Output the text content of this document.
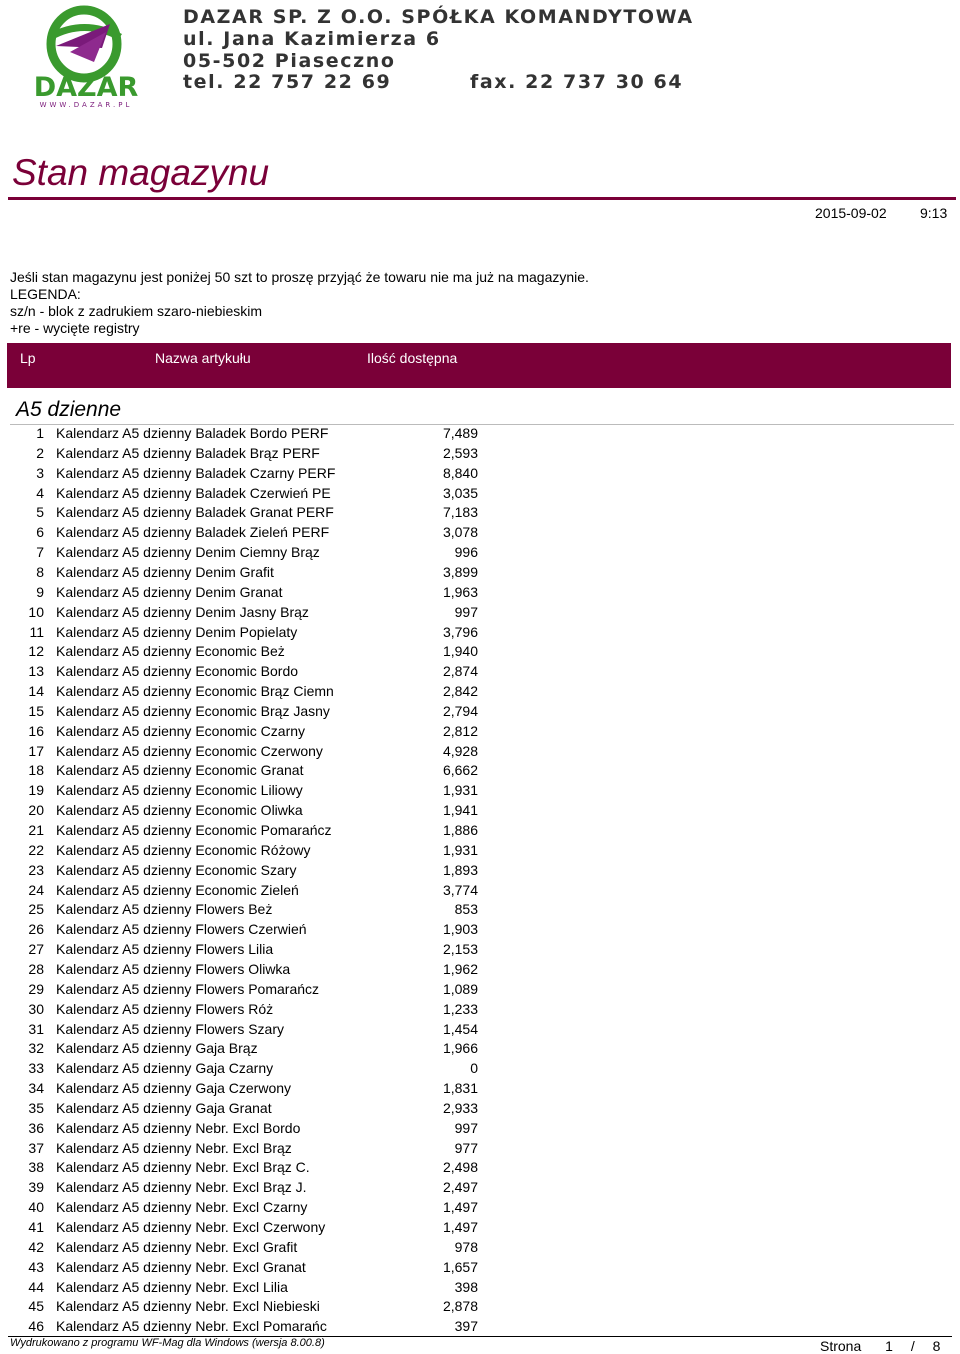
DAZAR
WWW.DAZAR.PL
DAZAR SP. Z O.O. SPÓŁKA KOMANDYTOWA
ul. Jana Kazimierza 6
05-502 Piaseczno
tel. 22 757 22 69	fax. 22 737 30 64
Stan magazynu
2015-09-02 9:13
Jeśli stan magazynu jest poniżej 50 szt to proszę przyjąć że towaru nie ma już na magazynie.
LEGENDA:
sz/n - blok z zadrukiem szaro-niebieskim
+re - wycięte registry
Lp	Nazwa artykułu	Ilość dostępna
A5 dzienne
1 Kalendarz A5 dzienny Baladek Bordo PERF	7,489
2 Kalendarz A5 dzienny Baladek Brąz PERF	2,593
3 Kalendarz A5 dzienny Baladek Czarny PERF	8,840
4 Kalendarz A5 dzienny Baladek Czerwień PE	3,035
5 Kalendarz A5 dzienny Baladek Granat PERF	7,183
6 Kalendarz A5 dzienny Baladek Zieleń PERF	3,078
7 Kalendarz A5 dzienny Denim Ciemny Brąz	996
8 Kalendarz A5 dzienny Denim Grafit	3,899
9 Kalendarz A5 dzienny Denim Granat	1,963
10 Kalendarz A5 dzienny Denim Jasny Brąz	997
11 Kalendarz A5 dzienny Denim Popielaty	3,796
12 Kalendarz A5 dzienny Economic Beż	1,940
13 Kalendarz A5 dzienny Economic Bordo	2,874
14 Kalendarz A5 dzienny Economic Brąz Ciemn	2,842
15 Kalendarz A5 dzienny Economic Brąz Jasny	2,794
16 Kalendarz A5 dzienny Economic Czarny	2,812
17 Kalendarz A5 dzienny Economic Czerwony	4,928
18 Kalendarz A5 dzienny Economic Granat	6,662
19 Kalendarz A5 dzienny Economic Liliowy	1,931
20 Kalendarz A5 dzienny Economic Oliwka	1,941
21 Kalendarz A5 dzienny Economic Pomarańcz	1,886
22 Kalendarz A5 dzienny Economic Różowy	1,931
23 Kalendarz A5 dzienny Economic Szary	1,893
24 Kalendarz A5 dzienny Economic Zieleń	3,774
25 Kalendarz A5 dzienny Flowers Beż	853
26 Kalendarz A5 dzienny Flowers Czerwień	1,903
27 Kalendarz A5 dzienny Flowers Lilia	2,153
28 Kalendarz A5 dzienny Flowers Oliwka	1,962
29 Kalendarz A5 dzienny Flowers Pomarańcz	1,089
30 Kalendarz A5 dzienny Flowers Róż	1,233
31 Kalendarz A5 dzienny Flowers Szary	1,454
32 Kalendarz A5 dzienny Gaja Brąz	1,966
33 Kalendarz A5 dzienny Gaja Czarny	0
34 Kalendarz A5 dzienny Gaja Czerwony	1,831
35 Kalendarz A5 dzienny Gaja Granat	2,933
36 Kalendarz A5 dzienny Nebr. Excl Bordo	997
37 Kalendarz A5 dzienny Nebr. Excl Brąz	977
38 Kalendarz A5 dzienny Nebr. Excl Brąz C.	2,498
39 Kalendarz A5 dzienny Nebr. Excl Brąz J.	2,497
40 Kalendarz A5 dzienny Nebr. Excl Czarny	1,497
41 Kalendarz A5 dzienny Nebr. Excl Czerwony	1,497
42 Kalendarz A5 dzienny Nebr. Excl Grafit	978
43 Kalendarz A5 dzienny Nebr. Excl Granat	1,657
44 Kalendarz A5 dzienny Nebr. Excl Lilia	398
45 Kalendarz A5 dzienny Nebr. Excl Niebieski	2,878
46 Kalendarz A5 dzienny Nebr. Excl Pomarańc	397
Wydrukowano z programu WF-Mag dla Windows (wersja 8.00.8)	Strona 1 / 8
